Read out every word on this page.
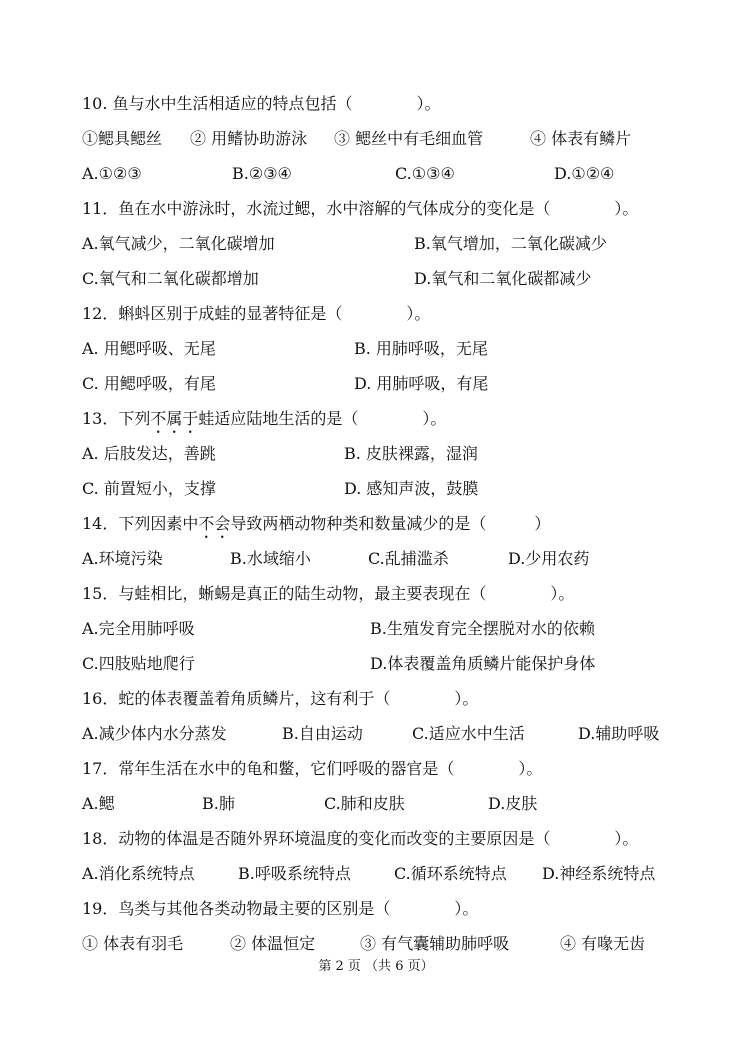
10. 鱼与水中生活相适应的特点包括（　　　　）。
①鳃具鳃丝 ② 用鳍协助游泳 ③ 鳃丝中有毛细血管	④ 体表有鳞片
A.①②③	B.②③④	C.①③④	D.①②④
11．鱼在水中游泳时，水流过鳃，水中溶解的气体成分的变化是（　　　　）。
A.氧气减少，二氧化碳增加	B.氧气增加，二氧化碳减少
C.氧气和二氧化碳都增加	D.氧气和二氧化碳都减少
12．蝌蚪区别于成蛙的显著特征是（　　　　）。
A. 用鳃呼吸、无尾	B. 用肺呼吸，无尾
C. 用鳃呼吸，有尾	D. 用肺呼吸，有尾
13．下列不属于蛙适应陆地生活的是（　　　　）。
A. 后肢发达，善跳	B. 皮肤裸露，湿润
C. 前置短小，支撑	D. 感知声波，鼓膜
14．下列因素中不会导致两栖动物种类和数量减少的是（　　　）
A.环境污染	B.水域缩小	C.乱捕滥杀	D.少用农药
15．与蛙相比，蜥蜴是真正的陆生动物，最主要表现在（　　　　）。
A.完全用肺呼吸	B.生殖发育完全摆脱对水的依赖
C.四肢贴地爬行	D.体表覆盖角质鳞片能保护身体
16．蛇的体表覆盖着角质鳞片，这有利于（　　　　）。
A.减少体内水分蒸发	B.自由运动	C.适应水中生活	D.辅助呼吸
17．常年生活在水中的龟和鳖，它们呼吸的器官是（　　　　）。
A.鳃	B.肺	C.肺和皮肤	D.皮肤
18．动物的体温是否随外界环境温度的变化而改变的主要原因是（　　　　）。
A.消化系统特点	B.呼吸系统特点	C.循环系统特点 D.神经系统特点
19．鸟类与其他各类动物最主要的区别是（　　　　）。
① 体表有羽毛	② 体温恒定	③ 有气囊辅助肺呼吸	④ 有喙无齿
第 2 页 （共 6 页）
